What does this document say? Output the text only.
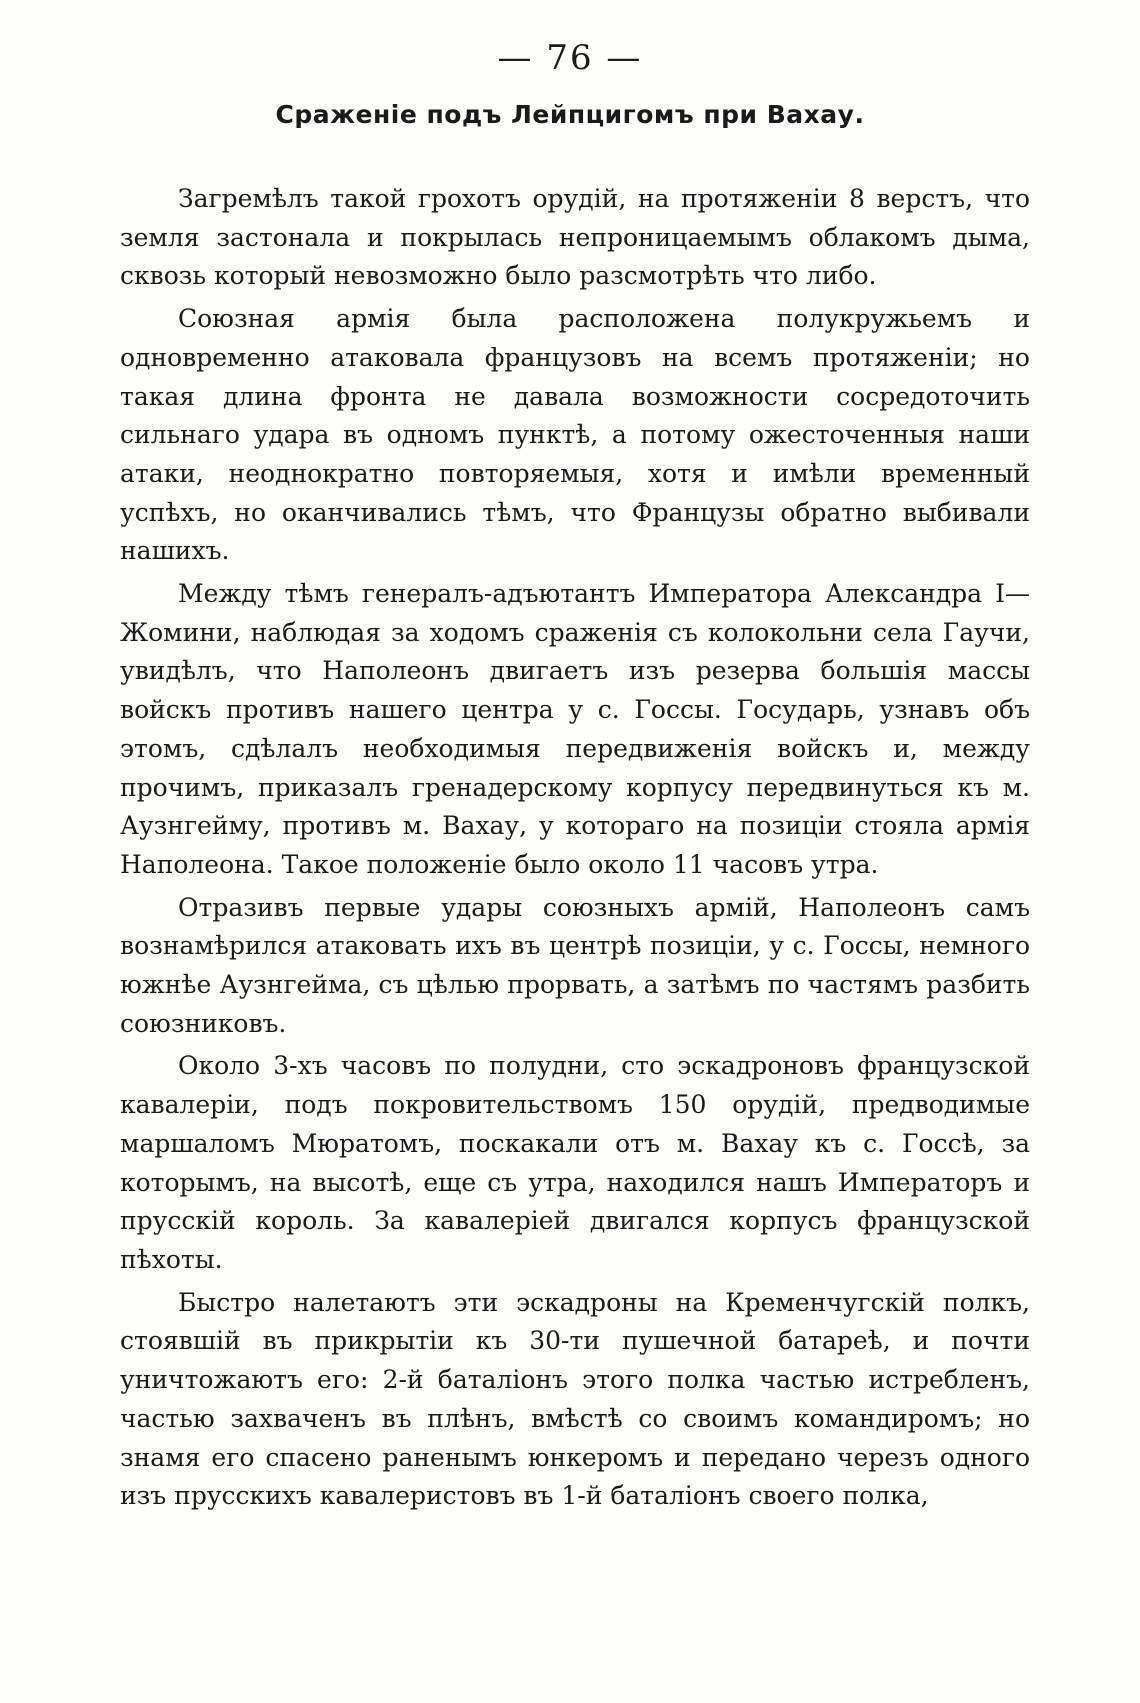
— 76 —
Сраженіе подъ Лейпцигомъ при Вахау.

Загремѣлъ такой грохотъ орудій, на протяженіи 8 верстъ, что земля застонала и покрылась непроницаемымъ облакомъ дыма, сквозь который невозможно было разсмотрѣть что либо.

Союзная армія была расположена полукружьемъ и одновременно атаковала французовъ на всемъ протяженіи; но такая длина фронта не давала возможности сосредоточить сильнаго удара въ одномъ пунктѣ, а потому ожесточенныя наши атаки, неоднократно повторяемыя, хотя и имѣли временный успѣхъ, но оканчивались тѣмъ, что Французы обратно выбивали нашихъ.

Между тѣмъ генералъ-адъютантъ Императора Александра I—Жомини, наблюдая за ходомъ сраженія съ колокольни села Гаучи, увидѣлъ, что Наполеонъ двигаетъ изъ резерва большія массы войскъ противъ нашего центра у с. Госсы. Государь, узнавъ объ этомъ, сдѣлалъ необходимыя передвиженія войскъ и, между прочимъ, приказалъ гренадерскому корпусу передвинуться къ м. Аузнгейму, противъ м. Вахау, у котораго на позиціи стояла армія Наполеона. Такое положеніе было около 11 часовъ утра.

Отразивъ первые удары союзныхъ армій, Наполеонъ самъ вознамѣрился атаковать ихъ въ центрѣ позиціи, у с. Госсы, немного южнѣе Аузнгейма, съ цѣлью прорвать, а затѣмъ по частямъ разбить союзниковъ.

Около 3-хъ часовъ по полудни, сто эскадроновъ французской кавалеріи, подъ покровительствомъ 150 орудій, предводимые маршаломъ Мюратомъ, поскакали отъ м. Вахау къ с. Госсѣ, за которымъ, на высотѣ, еще съ утра, находился нашъ Императоръ и прусскій король. За кавалеріей двигался корпусъ французской пѣхоты.

Быстро налетаютъ эти эскадроны на Кременчугскій полкъ, стоявшій въ прикрытіи къ 30-ти пушечной батареѣ, и почти уничтожаютъ его: 2-й баталіонъ этого полка частью истребленъ, частью захваченъ въ плѣнъ, вмѣстѣ со своимъ командиромъ; но знамя его спасено раненымъ юнкеромъ и передано черезъ одного изъ прусскихъ кавалеристовъ въ 1-й баталіонъ своего полка,
